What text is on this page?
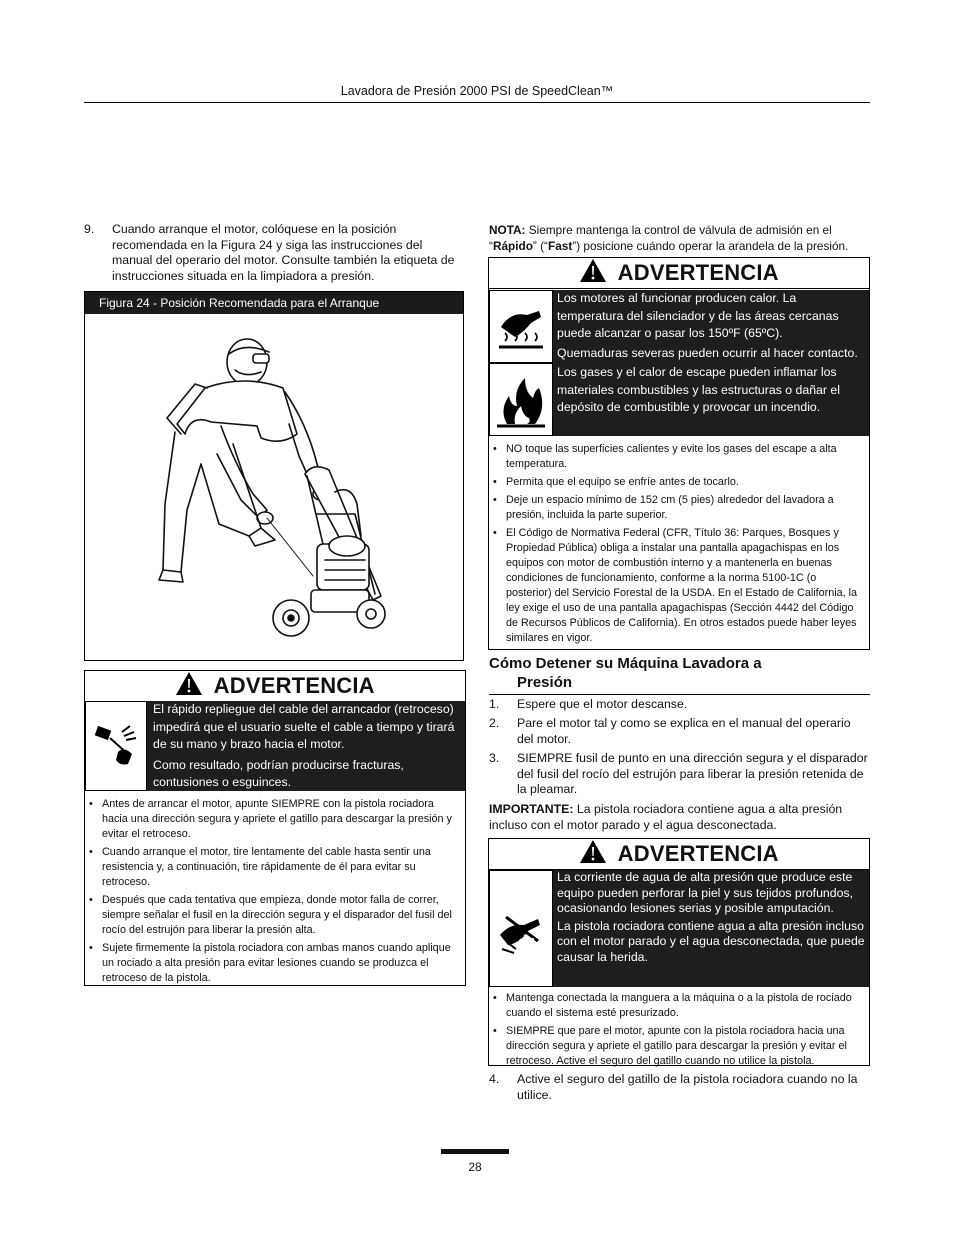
Lavadora de Presión 2000 PSI de SpeedClean™
9. Cuando arranque el motor, colóquese en la posición recomendada en la Figura 24 y siga las instrucciones del manual del operario del motor. Consulte también la etiqueta de instrucciones situada en la limpiadora a presión.
Figura 24 - Posición Recomendada para el Arranque
ADVERTENCIA
El rápido repliegue del cable del arrancador (retroceso) impedirá que el usuario suelte el cable a tiempo y tirará de su mano y brazo hacia el motor.
Como resultado, podrían producirse fracturas, contusiones o esguinces.
• Antes de arrancar el motor, apunte SIEMPRE con la pistola rociadora hacia una dirección segura y apriete el gatillo para descargar la presión y evitar el retroceso.
• Cuando arranque el motor, tire lentamente del cable hasta sentir una resistencia y, a continuación, tire rápidamente de él para evitar su retroceso.
• Después que cada tentativa que empieza, donde motor falla de correr, siempre señalar el fusil en la dirección segura y el disparador del fusil del rocío del estrujón para liberar la presión alta.
• Sujete firmemente la pistola rociadora con ambas manos cuando aplique un rociado a alta presión para evitar lesiones cuando se produzca el retroceso de la pistola.
NOTA: Siempre mantenga la control de válvula de admisión en el
“Rápido” (“Fast”) posicione cuándo operar la arandela de la presión.
ADVERTENCIA
Los motores al funcionar producen calor. La temperatura del silenciador y de las áreas cercanas puede alcanzar o pasar los 150ºF (65ºC).
Quemaduras severas pueden ocurrir al hacer contacto.
Los gases y el calor de escape pueden inflamar los materiales combustibles y las estructuras o dañar el depósito de combustible y provocar un incendio.
• NO toque las superficies calientes y evite los gases del escape a alta temperatura.
• Permita que el equipo se enfríe antes de tocarlo.
• Deje un espacio mínimo de 152 cm (5 pies) alrededor del lavadora a presión, incluida la parte superior.
• El Código de Normativa Federal (CFR, Título 36: Parques, Bosques y Propiedad Pública) obliga a instalar una pantalla apagachispas en los equipos con motor de combustión interno y a mantenerla en buenas condiciones de funcionamiento, conforme a la norma 5100-1C (o posterior) del Servicio Forestal de la USDA. En el Estado de California, la ley exige el uso de una pantalla apagachispas (Sección 4442 del Código de Recursos Públicos de California). En otros estados puede haber leyes similares en vigor.
Cómo Detener su Máquina Lavadora a
Presión
1. Espere que el motor descanse.
2. Pare el motor tal y como se explica en el manual del operario del motor.
3. SIEMPRE fusil de punto en una dirección segura y el disparador del fusil del rocío del estrujón para liberar la presión retenida de la pleamar.
IMPORTANTE: La pistola rociadora contiene agua a alta presión incluso con el motor parado y el agua desconectada.
ADVERTENCIA
La corriente de agua de alta presión que produce este equipo pueden perforar la piel y sus tejidos profundos, ocasionando lesiones serias y posible amputación.
La pistola rociadora contiene agua a alta presión incluso con el motor parado y el agua desconectada, que puede causar la herida.
• Mantenga conectada la manguera a la máquina o a la pistola de rociado cuando el sistema esté presurizado.
• SIEMPRE que pare el motor, apunte con la pistola rociadora hacia una dirección segura y apriete el gatillo para descargar la presión y evitar el retroceso. Active el seguro del gatillo cuando no utilice la pistola.
4. Active el seguro del gatillo de la pistola rociadora cuando no la utilice.
28
